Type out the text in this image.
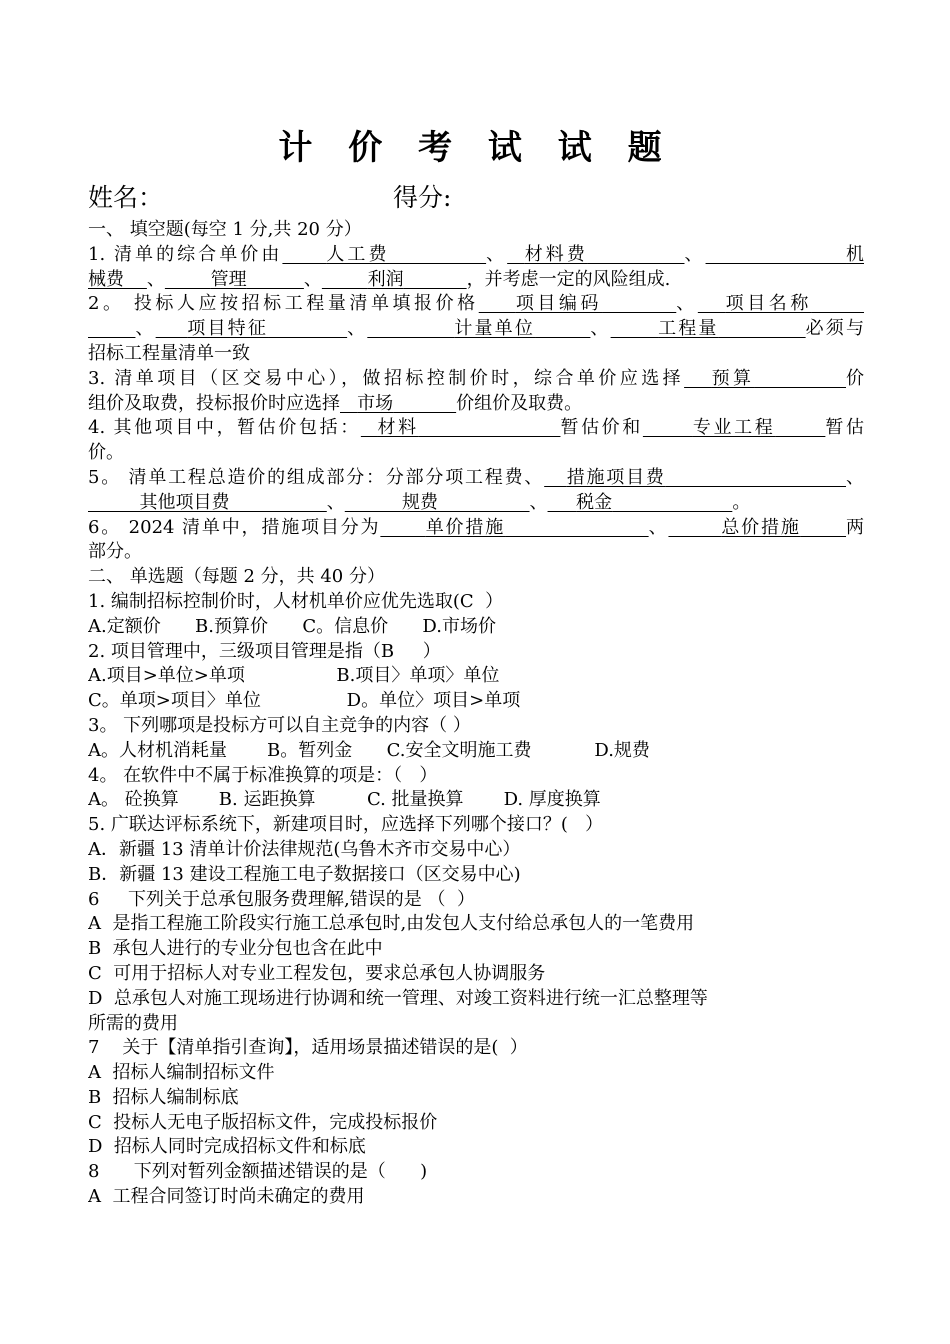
计 价 考 试 试 题
姓名：	得分:
一、 填空题(每空 1 分,共 20 分）
1. 清单的综合单价由 人工费	、 材料费	、	机
械费 、	管理	、	利润	，并考虑一定的风险组成.
2。 投标人应按招标工程量清单填报价格 项目编码	、 项目名称
、 项目特征	、	计量单位	、	工程量	必须与
招标工程量清单一致
3. 清单项目（区交易中心），做招标控制价时，综合单价应选择 预算	价
组价及取费，投标报价时应选择 市场	价组价及取费。
4. 其他项目中，暂估价包括： 材料	暂估价和	专业工程	暂估
价。
5。 清单工程总造价的组成部分：分部分项工程费、 措施项目费	、
其他项目费	、	规费	、 税金	。
6。 2024 清单中，措施项目分为	单价措施	、	总价措施	两
部分。
二、 单选题（每题 2 分，共 40 分）
1. 编制招标控制价时，人材机单价应优先选取(C  ）
A.定额价      B.预算价      C。信息价      D.市场价
2. 项目管理中，三级项目管理是指（B     ）
A.项目>单位>单项                B.项目〉单项〉单位
C。单项>项目〉单位               D。单位〉项目>单项
3。 下列哪项是投标方可以自主竞争的内容（ ）
A。人材机消耗量       B。暂列金      C.安全文明施工费           D.规费
4。 在软件中不属于标准换算的项是：（   ）
A。 砼换算       B. 运距换算         C. 批量换算       D. 厚度换算
5. 广联达评标系统下，新建项目时，应选择下列哪个接口？(   ）
A．新疆 13 清单计价法律规范(乌鲁木齐市交易中心）
B．新疆 13 建设工程施工电子数据接口（区交易中心)
6     下列关于总承包服务费理解,错误的是 （  ）
A  是指工程施工阶段实行施工总承包时,由发包人支付给总承包人的一笔费用
B  承包人进行的专业分包也含在此中
C  可用于招标人对专业工程发包，要求总承包人协调服务
D  总承包人对施工现场进行协调和统一管理、对竣工资料进行统一汇总整理等
所需的费用
7    关于【清单指引查询】，适用场景描述错误的是(  ）
A  招标人编制招标文件
B  招标人编制标底
C  投标人无电子版招标文件，完成投标报价
D  招标人同时完成招标文件和标底
8      下列对暂列金额描述错误的是（      )
A  工程合同签订时尚未确定的费用
